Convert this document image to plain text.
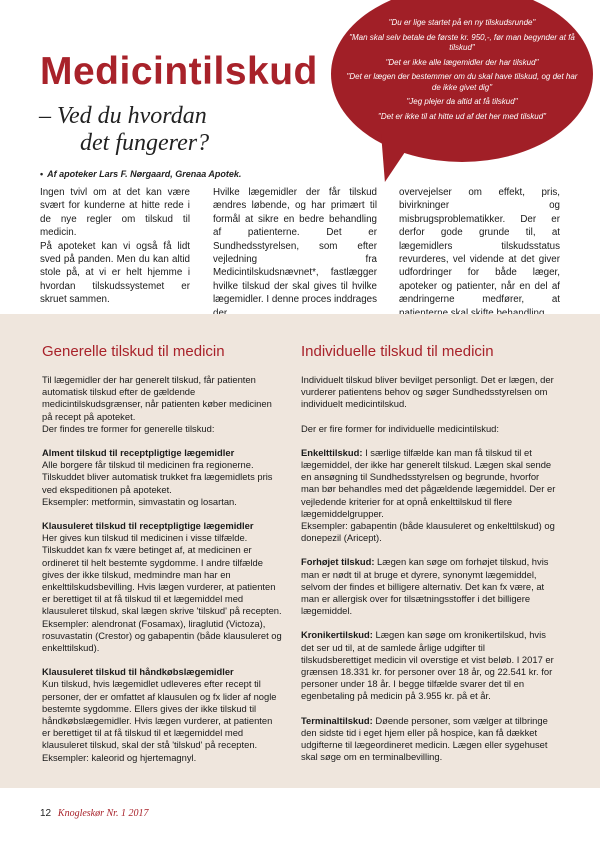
Medicintilskud
– Ved du hvordan
det fungerer?
• Af apoteker Lars F. Nørgaard, Grenaa Apotek.

"Du er lige startet på en ny tilskudsrunde"

"Man skal selv betale de første kr. 950,-, før man begynder at få tilskud"

"Det er ikke alle lægemidler der har tilskud"

"Det er lægen der bestemmer om du skal have tilskud, og det har de ikke givet dig"

"Jeg plejer da altid at få tilskud"

"Det er ikke til at hitte ud af det her med tilskud"

Ingen tvivl om at det kan være svært for kunderne at hitte rede i de nye regler om tilskud til medicin.

På apoteket kan vi også få lidt sved på panden. Men du kan altid stole på, at vi er helt hjemme i hvordan tilskudssystemet er skruet sammen.

Hvilke lægemidler der får tilskud ændres løbende, og har primært til formål at sikre en bedre behandling af patienterne. Det er Sundhedsstyrelsen, som efter vejledning fra Medicintilskudsnævnet*, fastlægger hvilke tilskud der skal gives til hvilke lægemidler. I denne proces inddrages

overvejelser om effekt, pris, bivirkninger og misbrugsproblematikker. Der er derfor gode grunde til, at lægemidlers tilskudsstatus revurderes, vel vidende at det giver udfordringer for både læger, apoteker og patienter, når en del af ændringerne medfører, at

Generelle tilskud til medicin	Individuelle tilskud til medicin

Til lægemidler der har generelt tilskud, får patienten automatisk tilskud efter de gældende medicintilskudsgrænser, når patienten køber medicinen på recept på apoteket.

Der findes tre former for generelle tilskud:

Alment tilskud til receptpligtige lægemidler
Alle borgere får tilskud til medicinen fra regionerne. Tilskuddet bliver automatisk trukket fra lægemidlets pris ved ekspeditionen på apoteket.
Eksempler: metformin, simvastatin og losartan.

Klausuleret tilskud til receptpligtige lægemidler
Her gives kun tilskud til medicinen i visse tilfælde. Tilskuddet kan fx være betinget af, at medicinen er ordineret til helt bestemte sygdomme. I andre tilfælde gives der ikke tilskud, medmindre man har en enkelttilskudsbevilling. Hvis lægen vurderer, at patienten er berettiget til at få tilskud til et lægemiddel med klausuleret tilskud, skal lægen skrive 'tilskud' på recepten.
Eksempler: alendronat (Fosamax), liraglutid (Victoza), rosuvastatin (Crestor) og gabapentin (både klausuleret og enkelttilskud).

Klausuleret tilskud til håndkøbslægemidler
Kun tilskud, hvis lægemidlet udleveres efter recept til personer, der er omfattet af klausulen og fx lider af nogle bestemte sygdomme. Ellers gives der ikke tilskud til håndkøbslægemidler. Hvis lægen vurderer, at patienten er berettiget til at få tilskud til et lægemiddel med klausuleret tilskud, skal der stå 'tilskud' på recepten.
Eksempler: kaleorid og hjertemagnyl.

Individuelt tilskud bliver bevilget personligt. Det er lægen, der vurderer patientens behov og søger Sundhedsstyrelsen om individuelt medicintilskud.

Der er fire former for individuelle medicintilskud:

Enkelttilskud: I særlige tilfælde kan man få tilskud til et lægemiddel, der ikke har generelt tilskud. Lægen skal sende en ansøgning til Sundhedsstyrelsen og begrunde, hvorfor man bør behandles med det pågældende lægemiddel. Der er vejledende kriterier for at opnå enkelttilskud til flere lægemiddelgrupper.
Eksempler: gabapentin (både klausuleret og enkelttilskud) og donepezil (Aricept).

Forhøjet tilskud: Lægen kan søge om forhøjet tilskud, hvis man er nødt til at bruge et dyrere, synonymt lægemiddel, selvom der findes et billigere alternativ. Det kan fx være, at man er allergisk over for tilsætningsstoffer i det billigere lægemiddel.

Kronikertilskud: Lægen kan søge om kronikertilskud, hvis det ser ud til, at de samlede årlige udgifter til tilskudsberettiget medicin vil overstige et vist beløb. I 2017 er grænsen 18.331 kr. for personer over 18 år, og 22.541 kr. for personer under 18 år. I begge tilfælde svarer det til en egenbetaling på medicin på 3.955 kr. på et år.

Terminaltilskud: Døende personer, som vælger at tilbringe den sidste tid i eget hjem eller på hospice, kan få dækket udgifterne til lægeordineret medicin. Lægen eller sygehuset skal søge om en terminalbevilling.

12 Knogleskør Nr. 1 2017
